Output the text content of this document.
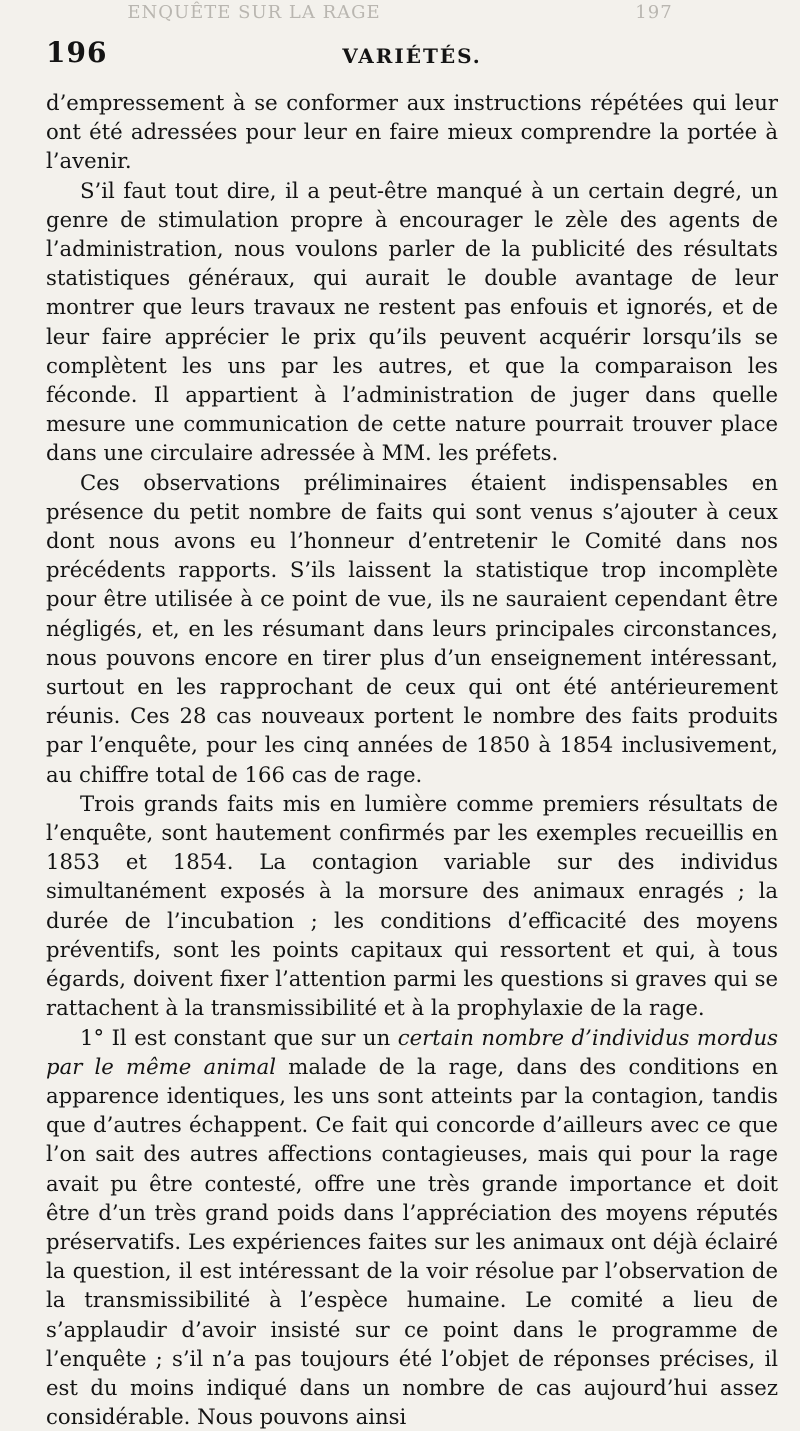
ENQUÊTE SUR LA RAGE	197
196	VARIÉTÉS.

d’empressement à se conformer aux instructions répétées qui leur ont été adressées pour leur en faire mieux comprendre la portée à l’avenir.

S’il faut tout dire, il a peut-être manqué à un certain degré, un genre de stimulation propre à encourager le zèle des agents de l’administration, nous voulons parler de la publicité des résultats statistiques généraux, qui aurait le double avantage de leur montrer que leurs travaux ne restent pas enfouis et ignorés, et de leur faire apprécier le prix qu’ils peuvent acquérir lorsqu’ils se complètent les uns par les autres, et que la comparaison les féconde. Il appartient à l’administration de juger dans quelle mesure une communication de cette nature pourrait trouver place dans une circulaire adressée à MM. les préfets.

Ces observations préliminaires étaient indispensables en présence du petit nombre de faits qui sont venus s’ajouter à ceux dont nous avons eu l’honneur d’entretenir le Comité dans nos précédents rapports. S’ils laissent la statistique trop incomplète pour être utilisée à ce point de vue, ils ne sauraient cependant être négligés, et, en les résumant dans leurs principales circonstances, nous pouvons encore en tirer plus d’un enseignement intéressant, surtout en les rapprochant de ceux qui ont été antérieurement réunis. Ces 28 cas nouveaux portent le nombre des faits produits par l’enquête, pour les cinq années de 1850 à 1854 inclusivement, au chiffre total de 166 cas de rage.

Trois grands faits mis en lumière comme premiers résultats de l’enquête, sont hautement confirmés par les exemples recueillis en 1853 et 1854. La contagion variable sur des individus simultanément exposés à la morsure des animaux enragés ; la durée de l’incubation ; les conditions d’efficacité des moyens préventifs, sont les points capitaux qui ressortent et qui, à tous égards, doivent fixer l’attention parmi les questions si graves qui se rattachent à la transmissibilité et à la prophylaxie de la rage.

1° Il est constant que sur un certain nombre d’individus mordus par le même animal malade de la rage, dans des conditions en apparence identiques, les uns sont atteints par la contagion, tandis que d’autres échappent. Ce fait qui concorde d’ailleurs avec ce que l’on sait des autres affections contagieuses, mais qui pour la rage avait pu être contesté, offre une très grande importance et doit être d’un très grand poids dans l’appréciation des moyens réputés préservatifs. Les expériences faites sur les animaux ont déjà éclairé la question, il est intéressant de la voir résolue par l’observation de la transmissibilité à l’espèce humaine. Le comité a lieu de s’applaudir d’avoir insisté sur ce point dans le programme de l’enquête ; s’il n’a pas toujours été l’objet de réponses précises, il est du moins indiqué dans un nombre de cas aujourd’hui assez considérable. Nous pouvons ainsi
